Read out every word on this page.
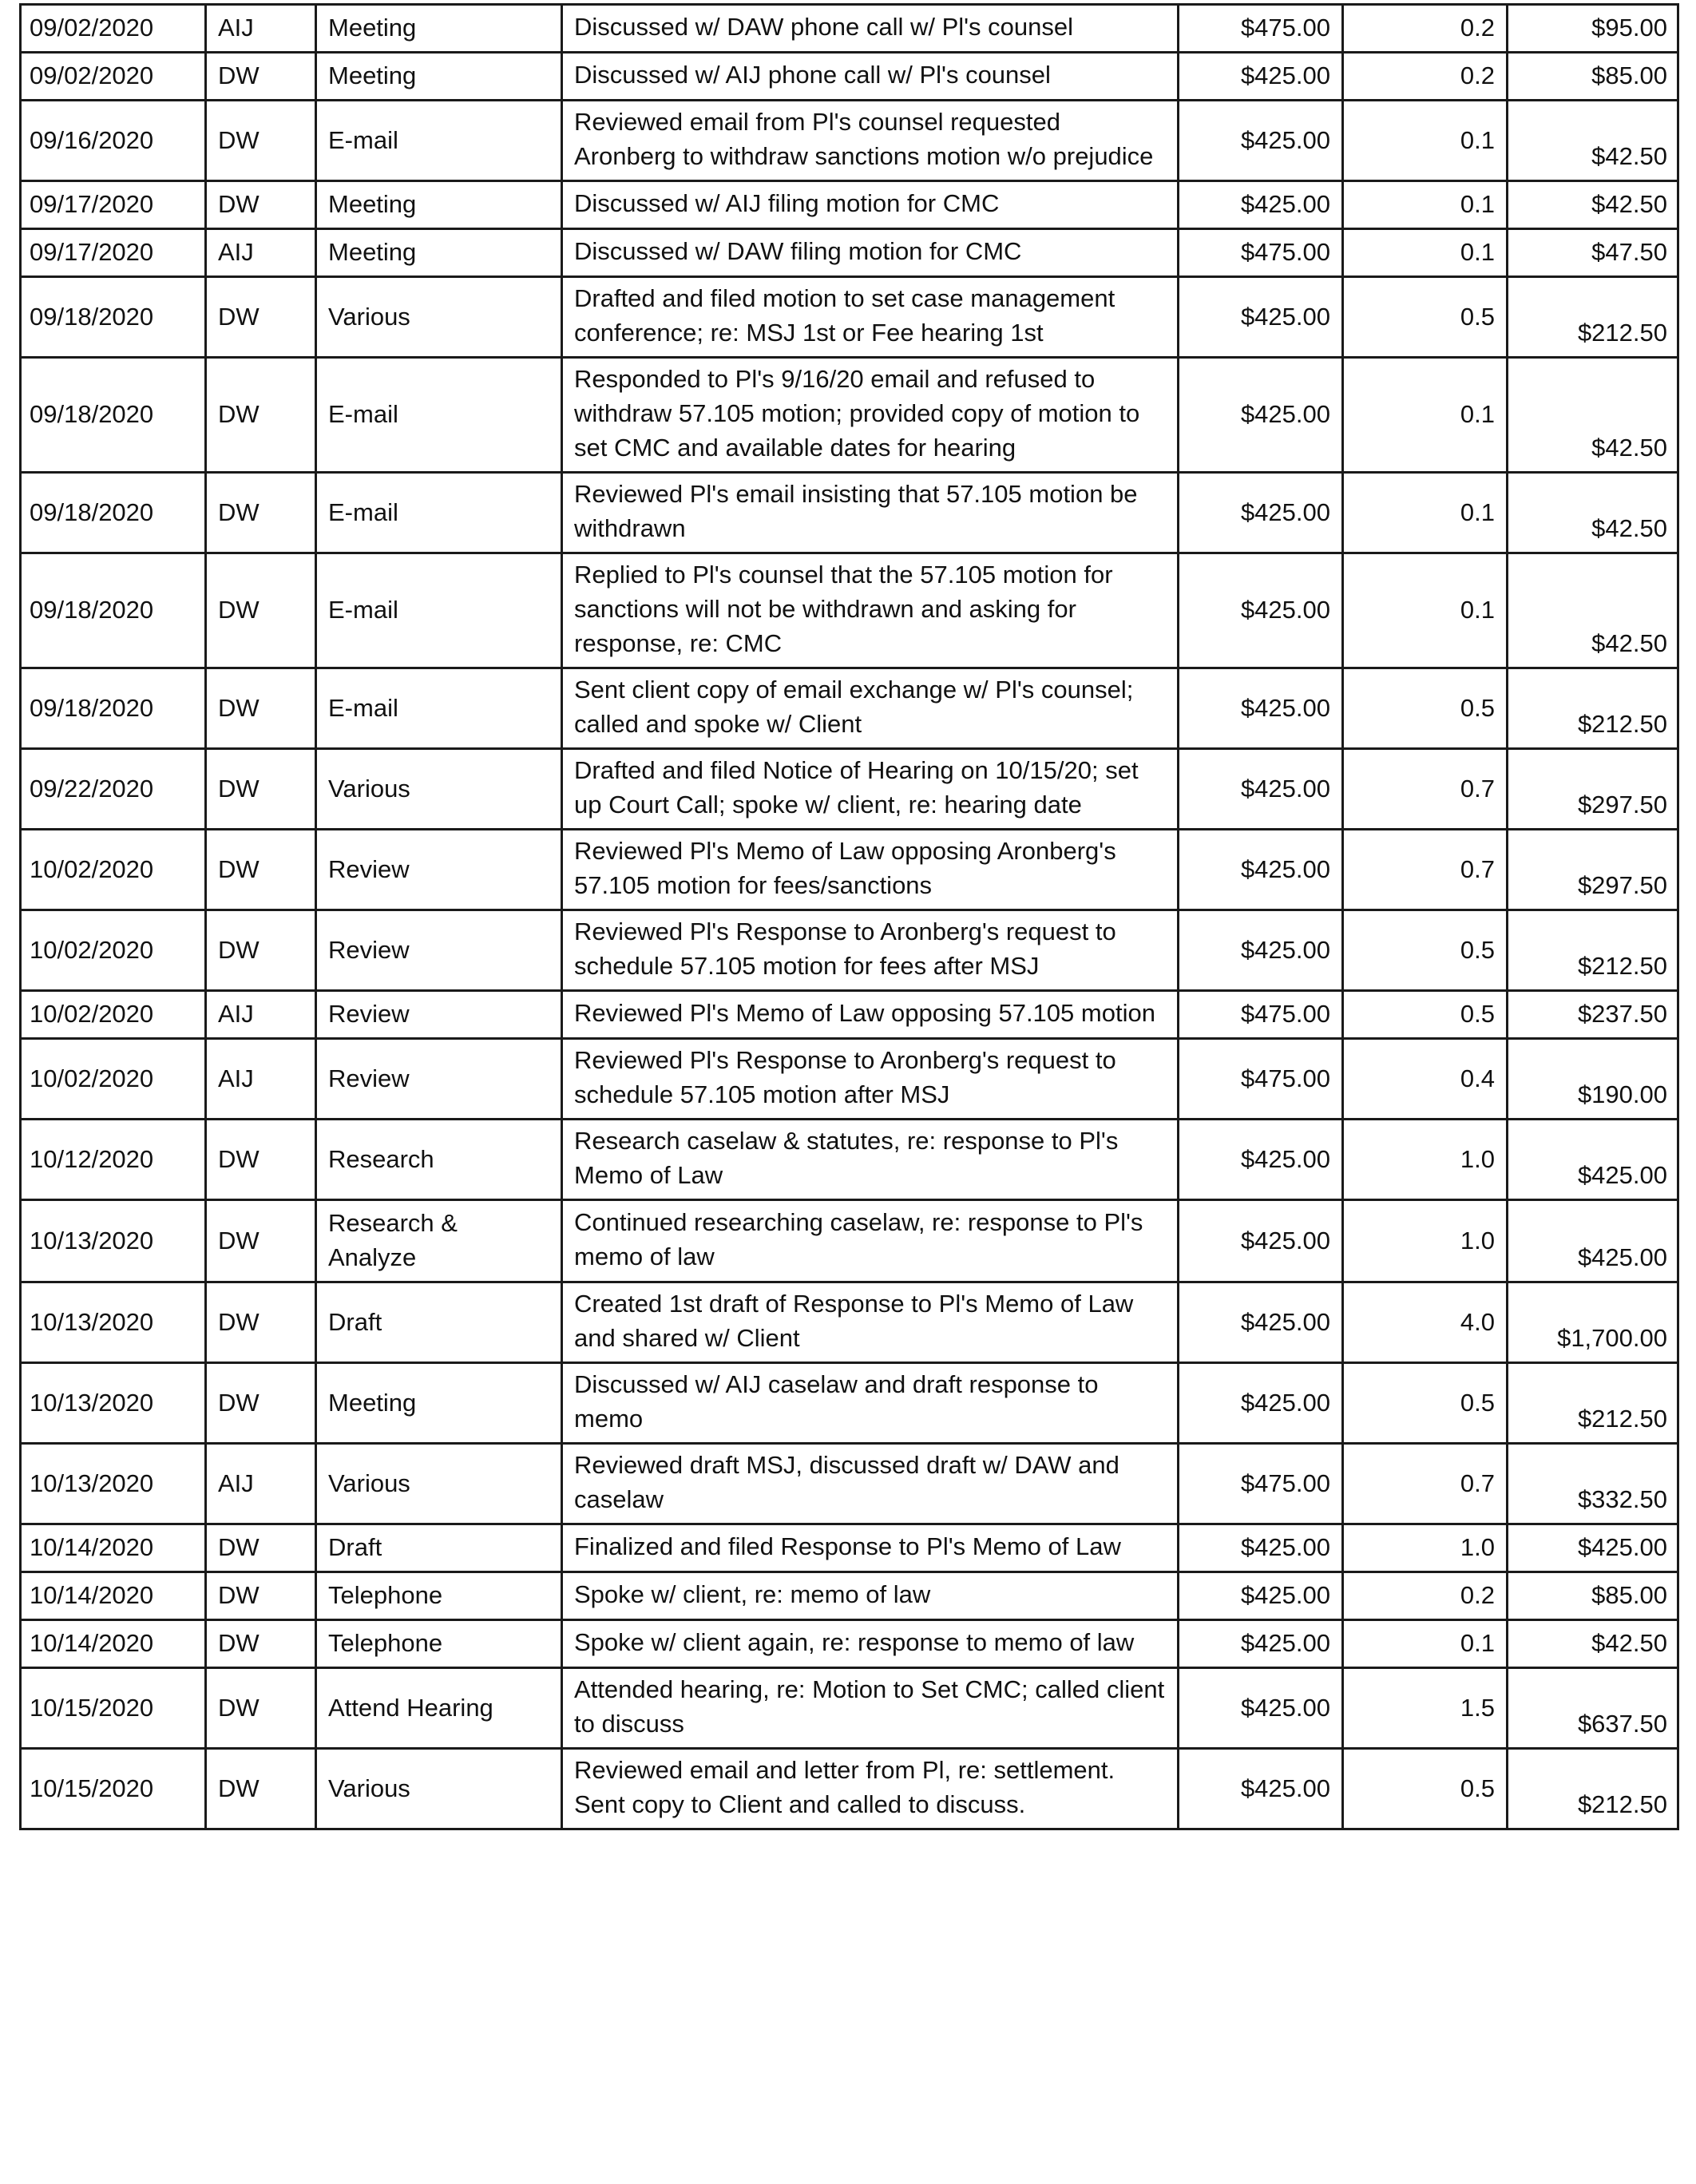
09/02/2020	AIJ	Meeting	Discussed w/ DAW phone call w/ Pl's counsel	$475.00	0.2	$95.00
09/02/2020	DW	Meeting	Discussed w/ AIJ phone call w/ Pl's counsel	$425.00	0.2	$85.00
09/16/2020	DW	E-mail	Reviewed email from Pl's counsel requested Aronberg to withdraw sanctions motion w/o prejudice	$425.00	0.1	$42.50
09/17/2020	DW	Meeting	Discussed w/ AIJ filing motion for CMC	$425.00	0.1	$42.50
09/17/2020	AIJ	Meeting	Discussed w/ DAW filing motion for CMC	$475.00	0.1	$47.50
09/18/2020	DW	Various	Drafted and filed motion to set case management conference; re: MSJ 1st or Fee hearing 1st	$425.00	0.5	$212.50
09/18/2020	DW	E-mail	Responded to Pl's 9/16/20 email and refused to withdraw 57.105 motion; provided copy of motion to set CMC and available dates for hearing	$425.00	0.1	$42.50
09/18/2020	DW	E-mail	Reviewed Pl's email insisting that 57.105 motion be withdrawn	$425.00	0.1	$42.50
09/18/2020	DW	E-mail	Replied to Pl's counsel that the 57.105 motion for sanctions will not be withdrawn and asking for response, re: CMC	$425.00	0.1	$42.50
09/18/2020	DW	E-mail	Sent client copy of email exchange w/ Pl's counsel; called and spoke w/ Client	$425.00	0.5	$212.50
09/22/2020	DW	Various	Drafted and filed Notice of Hearing on 10/15/20; set up Court Call; spoke w/ client, re: hearing date	$425.00	0.7	$297.50
10/02/2020	DW	Review	Reviewed Pl's Memo of Law opposing Aronberg's 57.105 motion for fees/sanctions	$425.00	0.7	$297.50
10/02/2020	DW	Review	Reviewed Pl's Response to Aronberg's request to schedule 57.105 motion for fees after MSJ	$425.00	0.5	$212.50
10/02/2020	AIJ	Review	Reviewed Pl's Memo of Law opposing 57.105 motion	$475.00	0.5	$237.50
10/02/2020	AIJ	Review	Reviewed Pl's Response to Aronberg's request to schedule 57.105 motion after MSJ	$475.00	0.4	$190.00
10/12/2020	DW	Research	Research caselaw & statutes, re: response to Pl's Memo of Law	$425.00	1.0	$425.00
10/13/2020	DW	Research & Analyze	Continued researching caselaw, re: response to Pl's memo of law	$425.00	1.0	$425.00
10/13/2020	DW	Draft	Created 1st draft of Response to Pl's Memo of Law and shared w/ Client	$425.00	4.0	$1,700.00
10/13/2020	DW	Meeting	Discussed w/ AIJ caselaw and draft response to memo	$425.00	0.5	$212.50
10/13/2020	AIJ	Various	Reviewed draft MSJ, discussed draft w/ DAW and caselaw	$475.00	0.7	$332.50
10/14/2020	DW	Draft	Finalized and filed Response to Pl's Memo of Law	$425.00	1.0	$425.00
10/14/2020	DW	Telephone	Spoke w/ client, re: memo of law	$425.00	0.2	$85.00
10/14/2020	DW	Telephone	Spoke w/ client again, re: response to memo of law	$425.00	0.1	$42.50
10/15/2020	DW	Attend Hearing	Attended hearing, re: Motion to Set CMC; called client to discuss	$425.00	1.5	$637.50
10/15/2020	DW	Various	Reviewed email and letter from Pl, re: settlement. Sent copy to Client and called to discuss.	$425.00	0.5	$212.50
